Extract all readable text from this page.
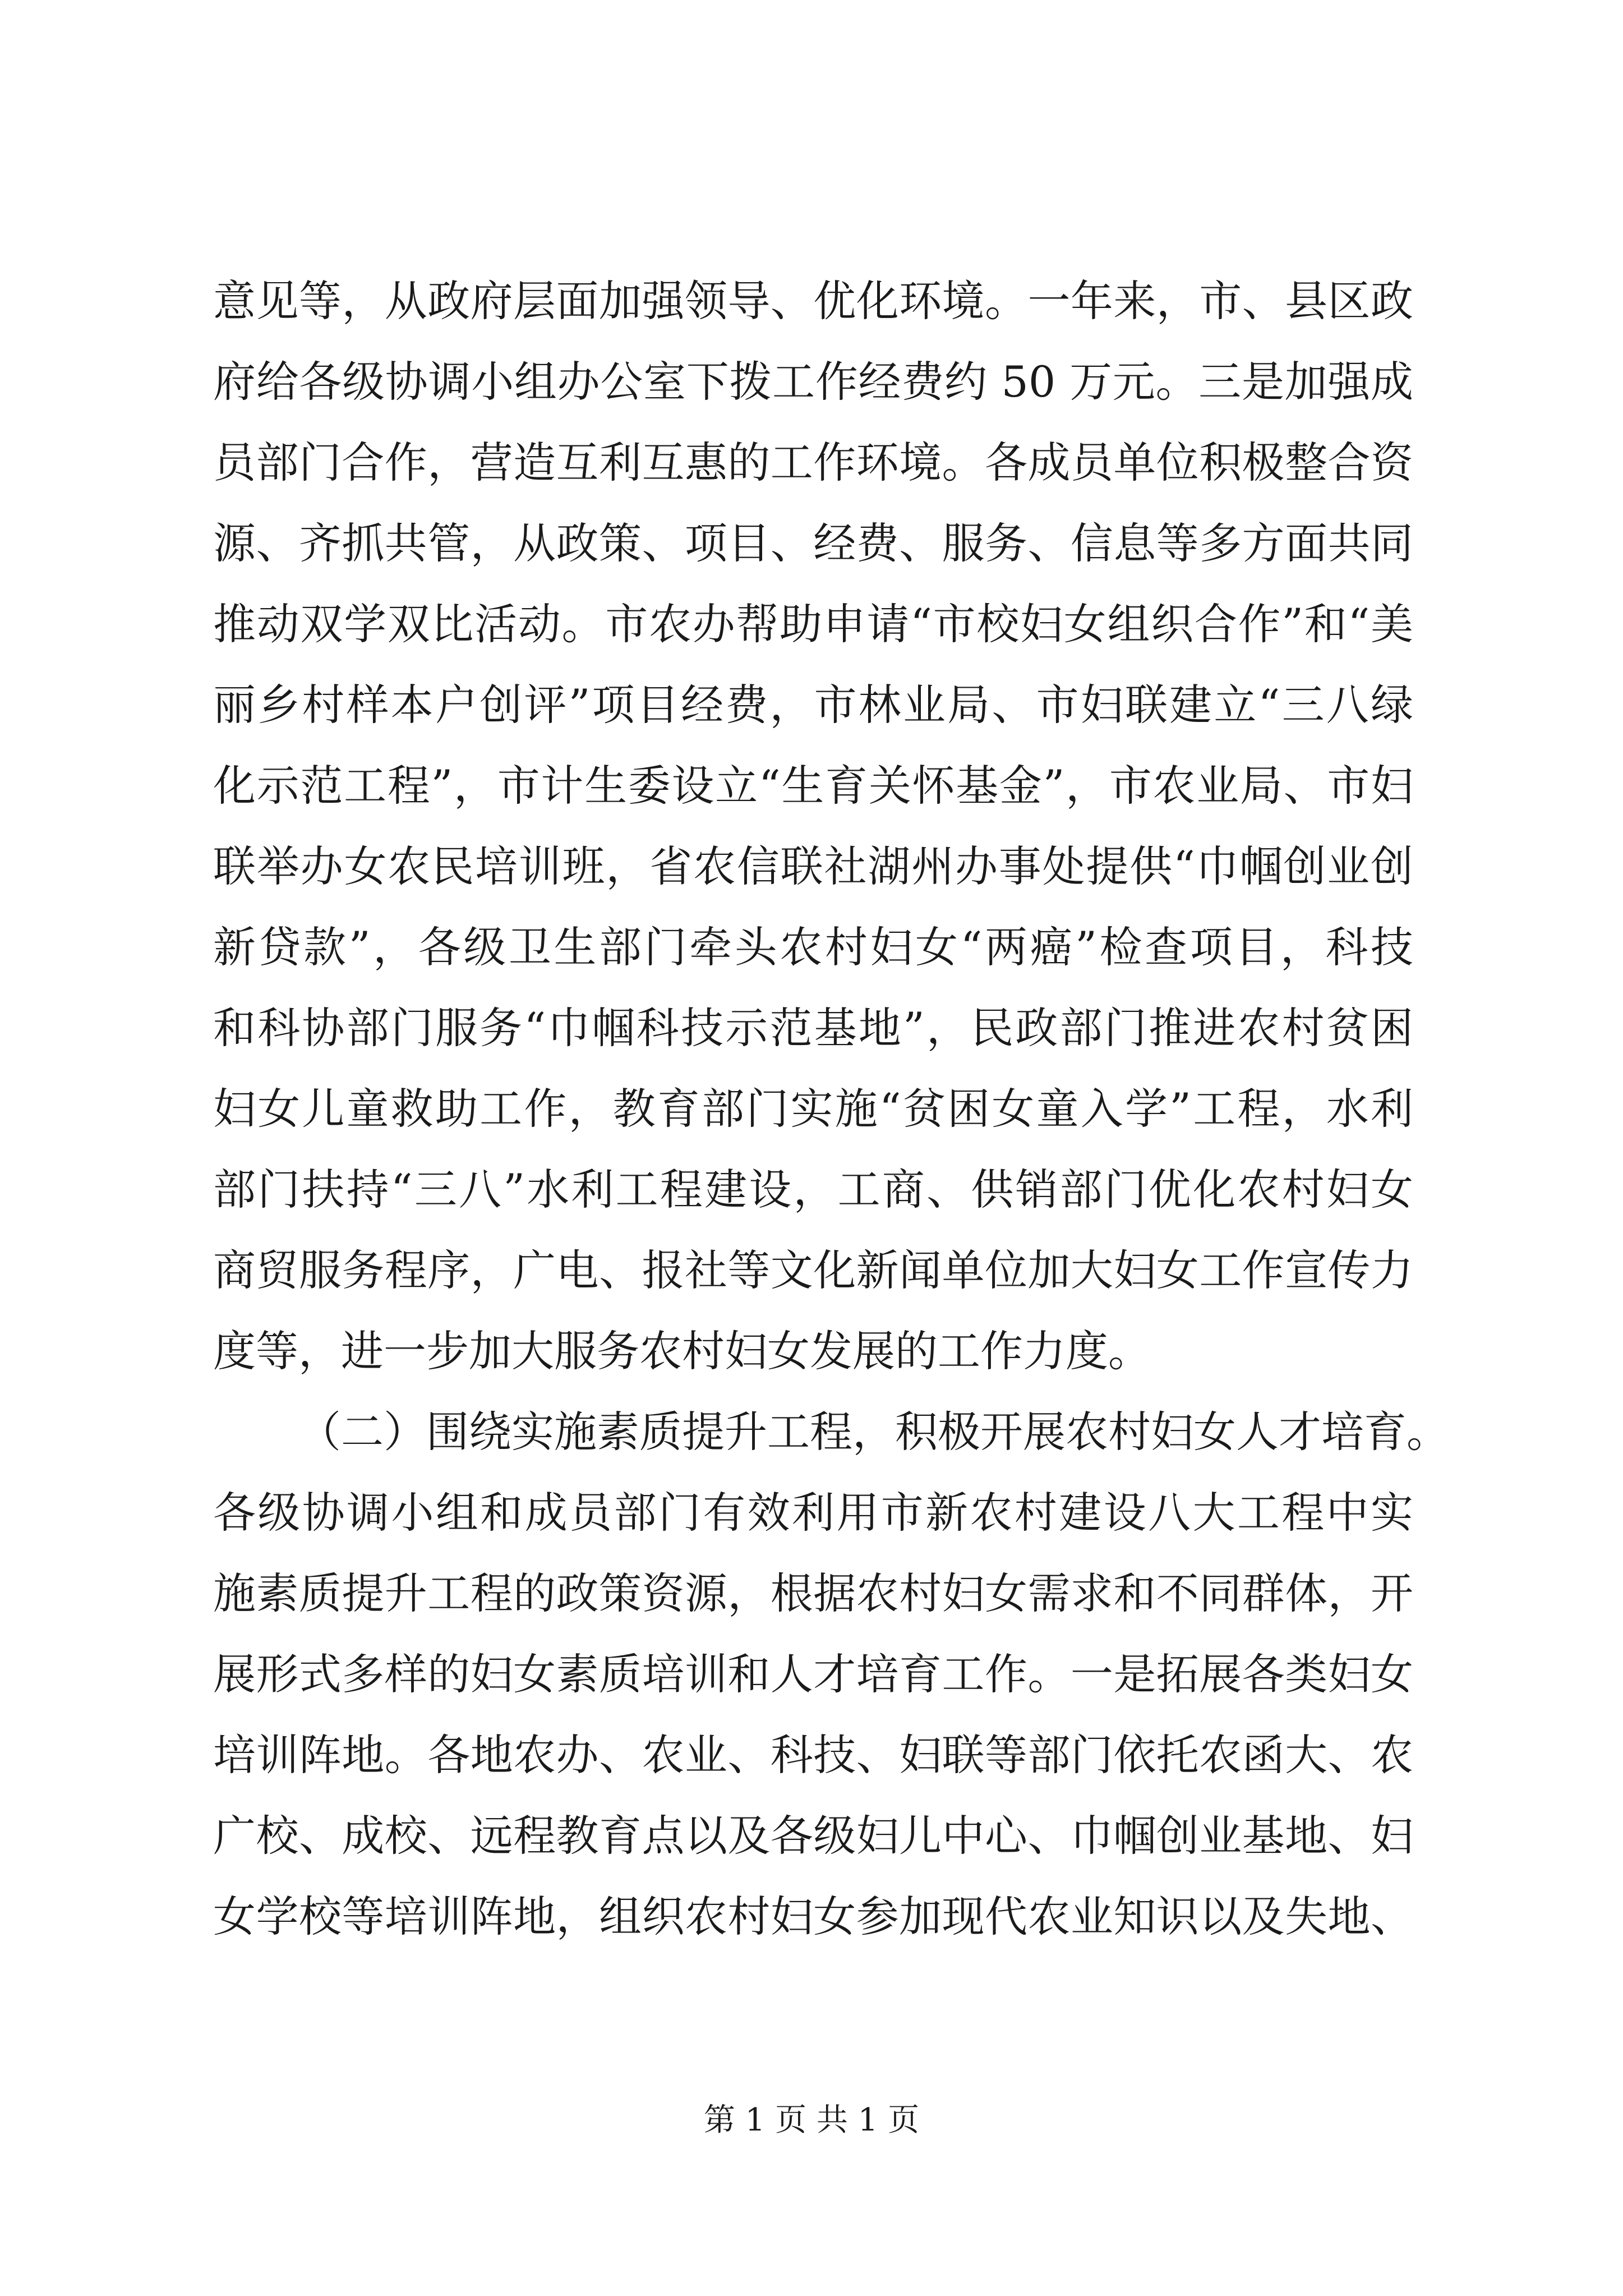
意见等，从政府层面加强领导、优化环境。一年来，市、县区政
府给各级协调小组办公室下拨工作经费约 50 万元。三是加强成
员部门合作，营造互利互惠的工作环境。各成员单位积极整合资
源、齐抓共管，从政策、项目、经费、服务、信息等多方面共同
推动双学双比活动。市农办帮助申请“市校妇女组织合作”和“美
丽乡村样本户创评”项目经费，市林业局、市妇联建立“三八绿
化示范工程”，市计生委设立“生育关怀基金”，市农业局、市妇
联举办女农民培训班，省农信联社湖州办事处提供“巾帼创业创
新贷款”，各级卫生部门牵头农村妇女“两癌”检查项目，科技
和科协部门服务“巾帼科技示范基地”，民政部门推进农村贫困
妇女儿童救助工作，教育部门实施“贫困女童入学”工程，水利
部门扶持“三八”水利工程建设，工商、供销部门优化农村妇女
商贸服务程序，广电、报社等文化新闻单位加大妇女工作宣传力
度等，进一步加大服务农村妇女发展的工作力度。
（二）围绕实施素质提升工程，积极开展农村妇女人才培育。
各级协调小组和成员部门有效利用市新农村建设八大工程中实
施素质提升工程的政策资源，根据农村妇女需求和不同群体，开
展形式多样的妇女素质培训和人才培育工作。一是拓展各类妇女
培训阵地。各地农办、农业、科技、妇联等部门依托农函大、农
广校、成校、远程教育点以及各级妇儿中心、巾帼创业基地、妇
女学校等培训阵地，组织农村妇女参加现代农业知识以及失地、
第 1 页 共 1 页
